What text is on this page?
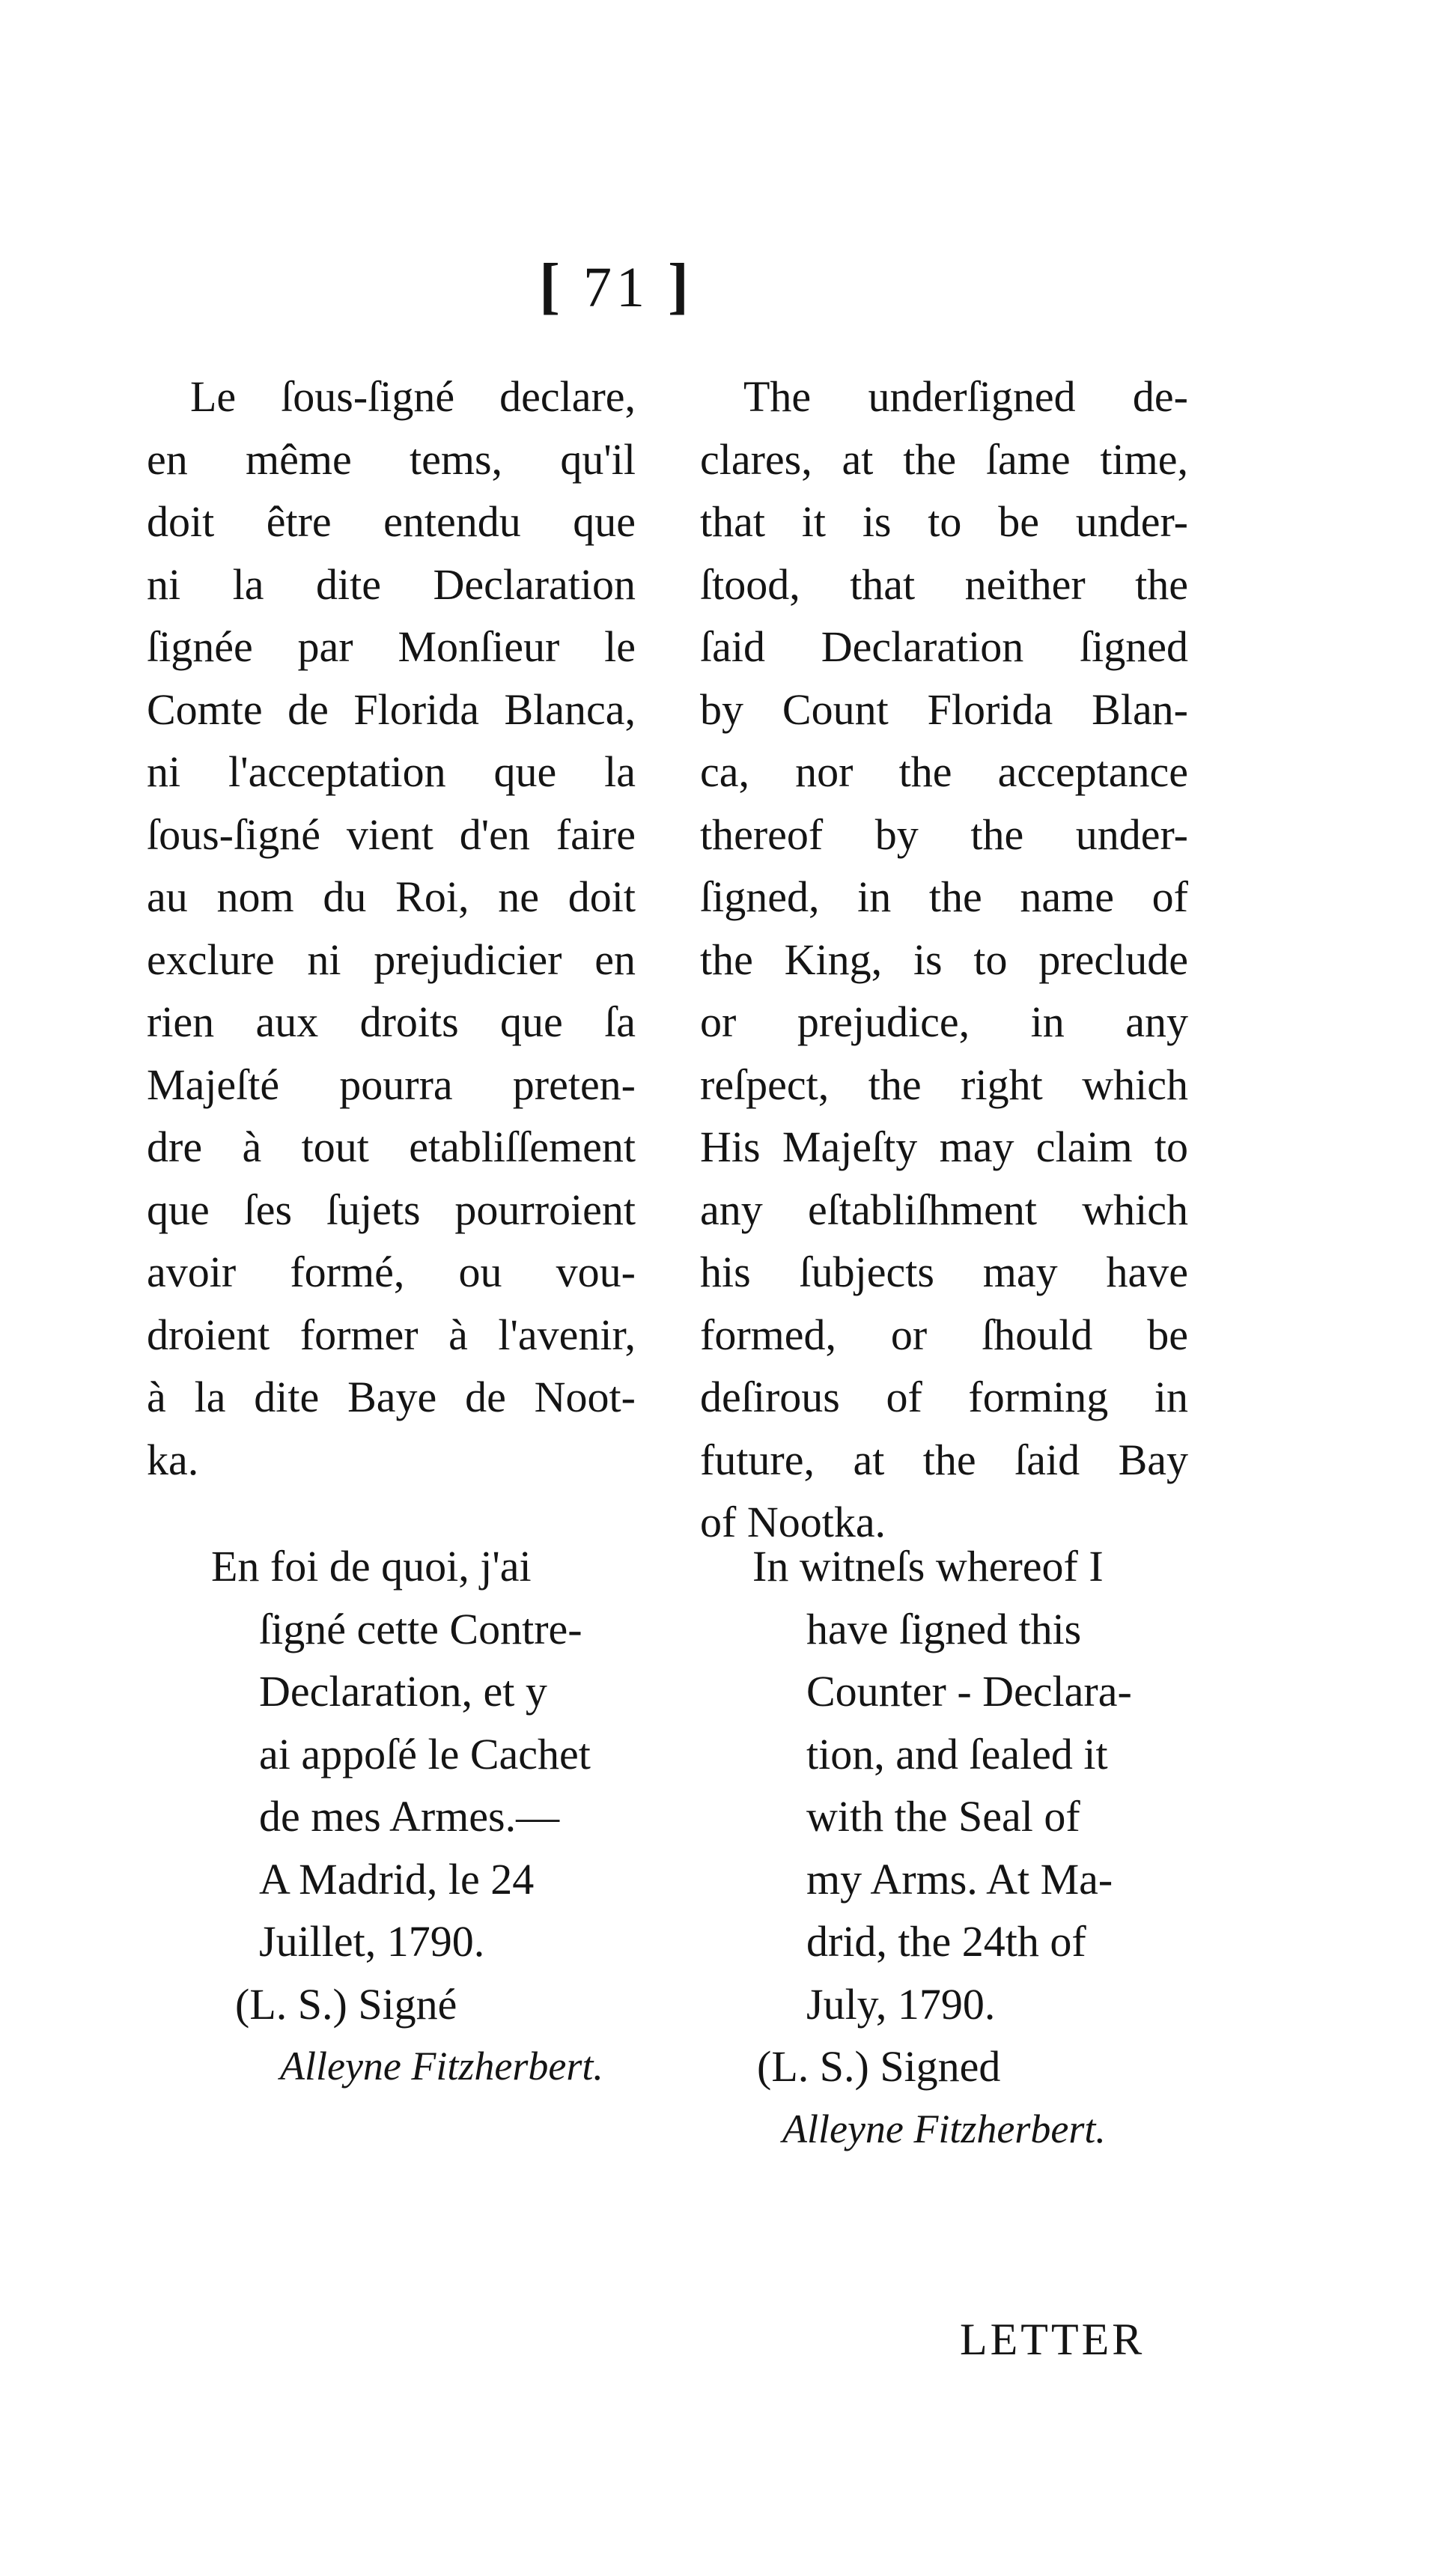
[ 71 ]

Le ſous-ſigné declare,
en même tems, qu'il
doit être entendu que
ni la dite Declaration
ſignée par Monſieur le
Comte de Florida Blanca,
ni l'acceptation que la
ſous-ſigné vient d'en faire
au nom du Roi, ne doit
exclure ni prejudicier en
rien aux droits que ſa
Majeſté pourra preten-
dre à tout etabliſſement
que ſes ſujets pourroient
avoir formé, ou vou-
droient former à l'avenir,
à la dite Baye de Noot-
ka.

The underſigned de-
clares, at the ſame time,
that it is to be under-
ſtood, that neither the
ſaid Declaration ſigned
by Count Florida Blan-
ca, nor the acceptance
thereof by the under-
ſigned, in the name of
the King, is to preclude
or prejudice, in any
reſpect, the right which
His Majeſty may claim to
any eſtabliſhment which
his ſubjects may have
formed, or ſhould be
deſirous of forming in
future, at the ſaid Bay
of Nootka.

En foi de quoi, j'ai
ſigné cette Contre-
Declaration, et y
ai appoſé le Cachet
de mes Armes.—
A Madrid, le 24
Juillet, 1790.
(L. S.) Signé
Alleyne Fitzherbert.
In witneſs whereof I
have ſigned this
Counter - Declara-
tion, and ſealed it
with the Seal of
my Arms. At Ma-
drid, the 24th of
July, 1790.
(L. S.) Signed
Alleyne Fitzherbert.
LETTER
